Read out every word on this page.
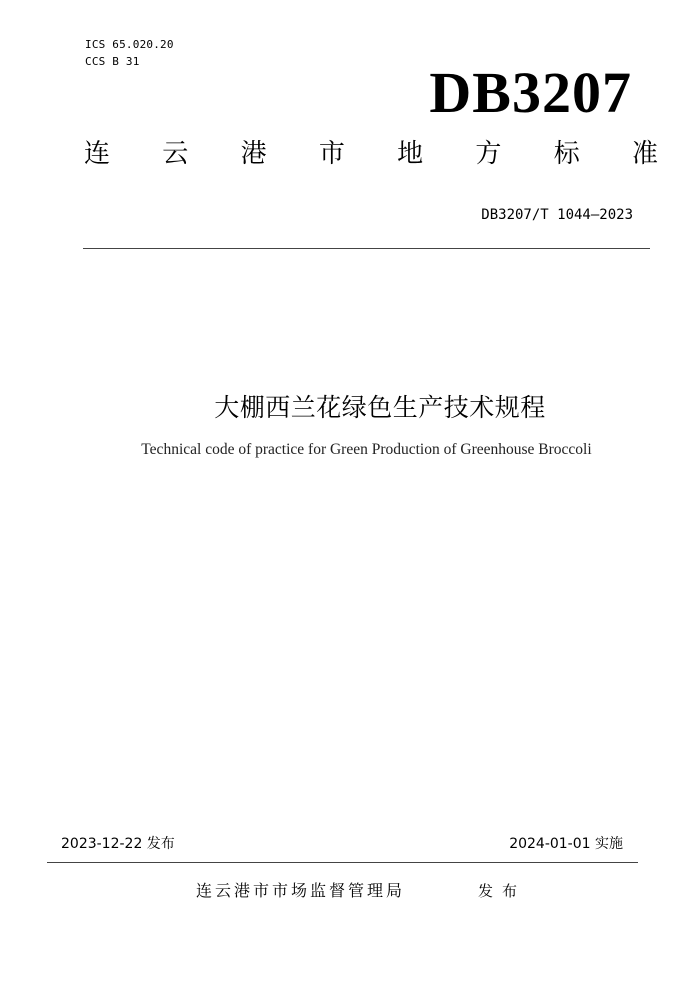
ICS 65.020.20
CCS B 31	DB3207
连 云 港 市 地 方 标 准
DB3207/T 1044—2023
大棚西兰花绿色生产技术规程
Technical code of practice for Green Production of Greenhouse Broccoli
2023-12-22 发布	2024-01-01 实施
连云港市市场监督管理局	发布
